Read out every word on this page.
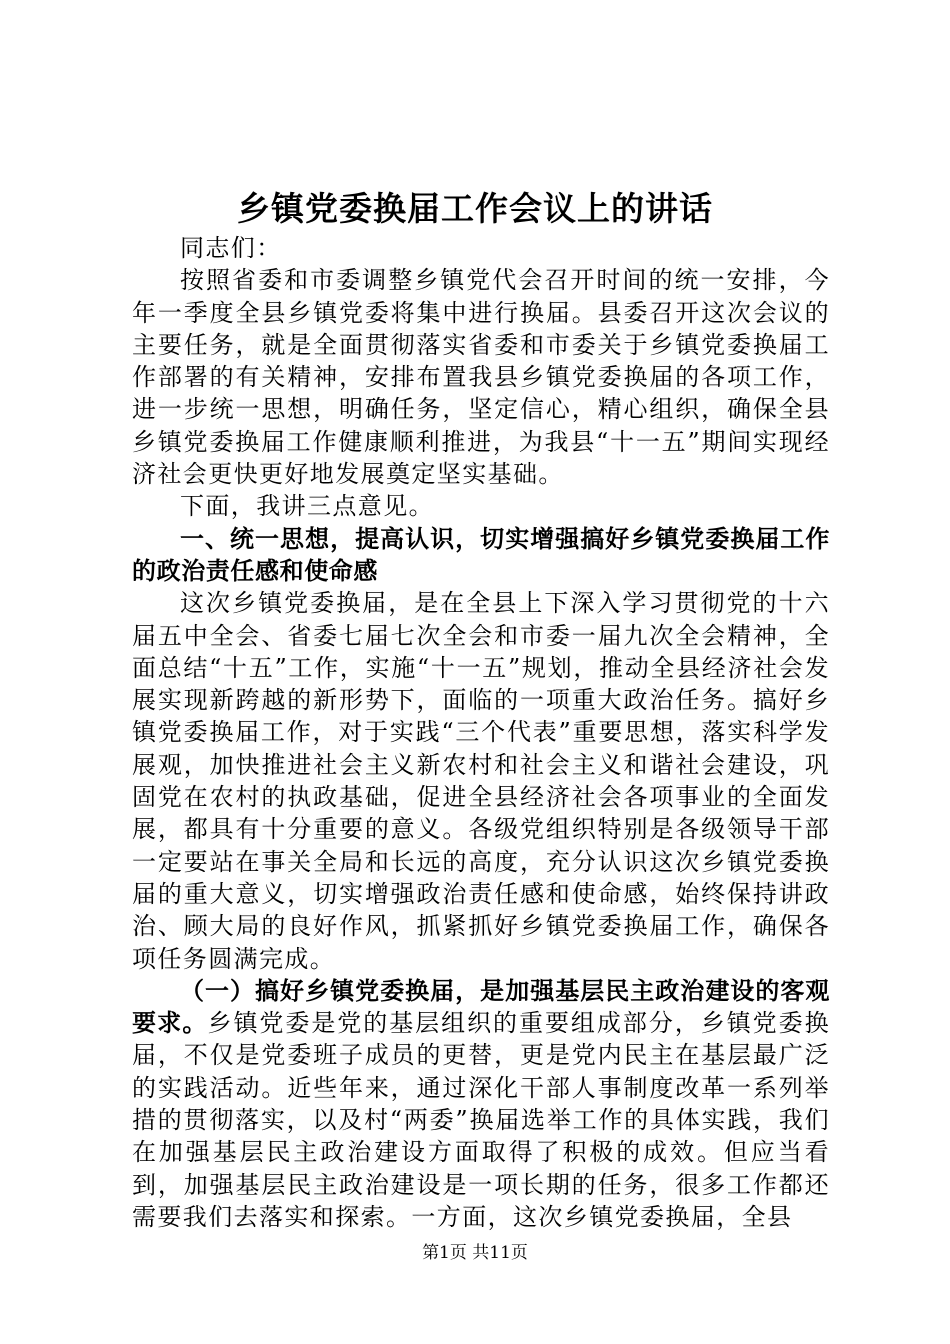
乡镇党委换届工作会议上的讲话

同志们：

按照省委和市委调整乡镇党代会召开时间的统一安排，今年一季度全县乡镇党委将集中进行换届。县委召开这次会议的主要任务，就是全面贯彻落实省委和市委关于乡镇党委换届工作部署的有关精神，安排布置我县乡镇党委换届的各项工作，进一步统一思想，明确任务，坚定信心，精心组织，确保全县乡镇党委换届工作健康顺利推进，为我县“十一五”期间实现经济社会更快更好地发展奠定坚实基础。

下面，我讲三点意见。

一、统一思想，提高认识，切实增强搞好乡镇党委换届工作的政治责任感和使命感

这次乡镇党委换届，是在全县上下深入学习贯彻党的十六届五中全会、省委七届七次全会和市委一届九次全会精神，全面总结“十五”工作，实施“十一五”规划，推动全县经济社会发展实现新跨越的新形势下，面临的一项重大政治任务。搞好乡镇党委换届工作，对于实践“三个代表”重要思想，落实科学发展观，加快推进社会主义新农村和社会主义和谐社会建设，巩固党在农村的执政基础，促进全县经济社会各项事业的全面发展，都具有十分重要的意义。各级党组织特别是各级领导干部一定要站在事关全局和长远的高度，充分认识这次乡镇党委换届的重大意义，切实增强政治责任感和使命感，始终保持讲政治、顾大局的良好作风，抓紧抓好乡镇党委换届工作，确保各项任务圆满完成。

（一）搞好乡镇党委换届，是加强基层民主政治建设的客观要求。乡镇党委是党的基层组织的重要组成部分，乡镇党委换届，不仅是党委班子成员的更替，更是党内民主在基层最广泛的实践活动。近些年来，通过深化干部人事制度改革一系列举措的贯彻落实，以及村“两委”换届选举工作的具体实践，我们在加强基层民主政治建设方面取得了积极的成效。但应当看到，加强基层民主政治建设是一项长期的任务，很多工作都还需要我们去落实和探索。一方面，这次乡镇党委换届，全县

第1页 共11页
